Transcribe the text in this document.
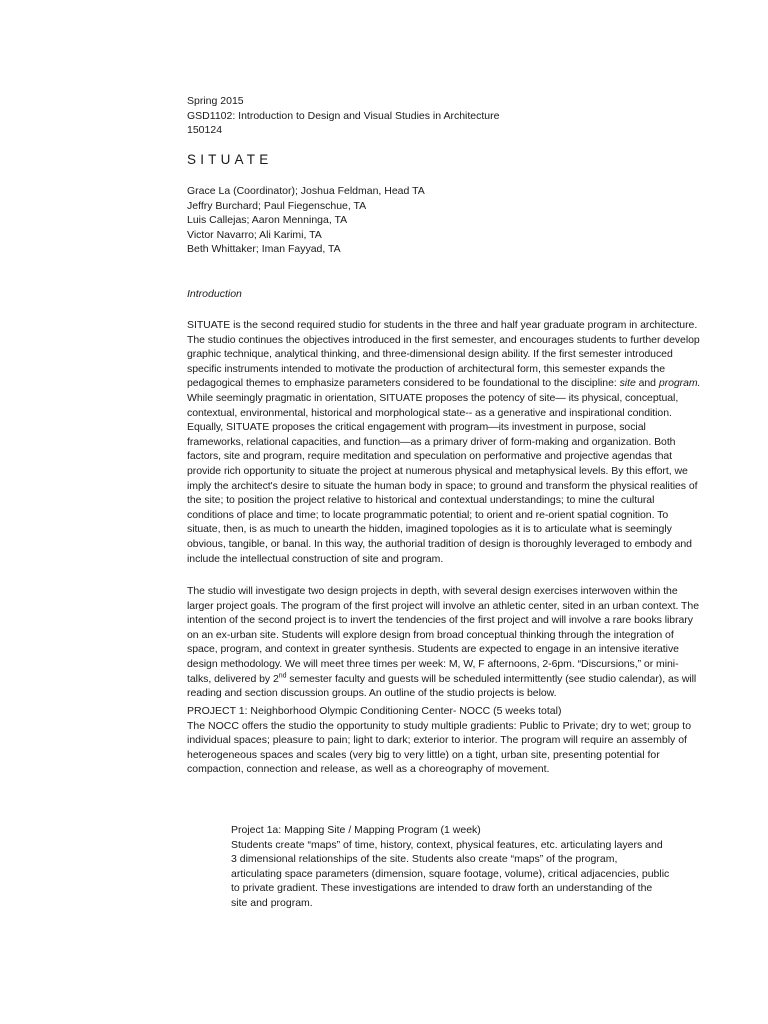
Spring 2015
GSD1102: Introduction to Design and Visual Studies in Architecture
150124
SITUATE
Grace La (Coordinator); Joshua Feldman, Head TA
Jeffry Burchard; Paul Fiegenschue, TA
Luis Callejas; Aaron Menninga, TA
Victor Navarro; Ali Karimi, TA
Beth Whittaker; Iman Fayyad, TA
Introduction

SITUATE is the second required studio for students in the three and half year graduate program in architecture. The studio continues the objectives introduced in the first semester, and encourages students to further develop graphic technique, analytical thinking, and three-dimensional design ability. If the first semester introduced specific instruments intended to motivate the production of architectural form, this semester expands the pedagogical themes to emphasize parameters considered to be foundational to the discipline: site and program. While seemingly pragmatic in orientation, SITUATE proposes the potency of site— its physical, conceptual, contextual, environmental, historical and morphological state-- as a generative and inspirational condition. Equally, SITUATE proposes the critical engagement with program—its investment in purpose, social frameworks, relational capacities, and function—as a primary driver of form-making and organization. Both factors, site and program, require meditation and speculation on performative and projective agendas that provide rich opportunity to situate the project at numerous physical and metaphysical levels. By this effort, we imply the architect's desire to situate the human body in space; to ground and transform the physical realities of the site; to position the project relative to historical and contextual understandings; to mine the cultural conditions of place and time; to locate programmatic potential; to orient and re-orient spatial cognition. To situate, then, is as much to unearth the hidden, imagined topologies as it is to articulate what is seemingly obvious, tangible, or banal. In this way, the authorial tradition of design is thoroughly leveraged to embody and include the intellectual construction of site and program.

The studio will investigate two design projects in depth, with several design exercises interwoven within the larger project goals. The program of the first project will involve an athletic center, sited in an urban context. The intention of the second project is to invert the tendencies of the first project and will involve a rare books library on an ex-urban site. Students will explore design from broad conceptual thinking through the integration of space, program, and context in greater synthesis. Students are expected to engage in an intensive iterative design methodology. We will meet three times per week: M, W, F afternoons, 2-6pm. “Discursions,” or mini-talks, delivered by 2nd semester faculty and guests will be scheduled intermittently (see studio calendar), as will reading and section discussion groups. An outline of the studio projects is below.

PROJECT 1: Neighborhood Olympic Conditioning Center- NOCC (5 weeks total)

The NOCC offers the studio the opportunity to study multiple gradients: Public to Private; dry to wet; group to individual spaces; pleasure to pain; light to dark; exterior to interior. The program will require an assembly of heterogeneous spaces and scales (very big to very little) on a tight, urban site, presenting potential for compaction, connection and release, as well as a choreography of movement.

Project 1a: Mapping Site / Mapping Program (1 week)

Students create “maps” of time, history, context, physical features, etc. articulating layers and 3 dimensional relationships of the site. Students also create “maps” of the program, articulating space parameters (dimension, square footage, volume), critical adjacencies, public to private gradient. These investigations are intended to draw forth an understanding of the site and program.
